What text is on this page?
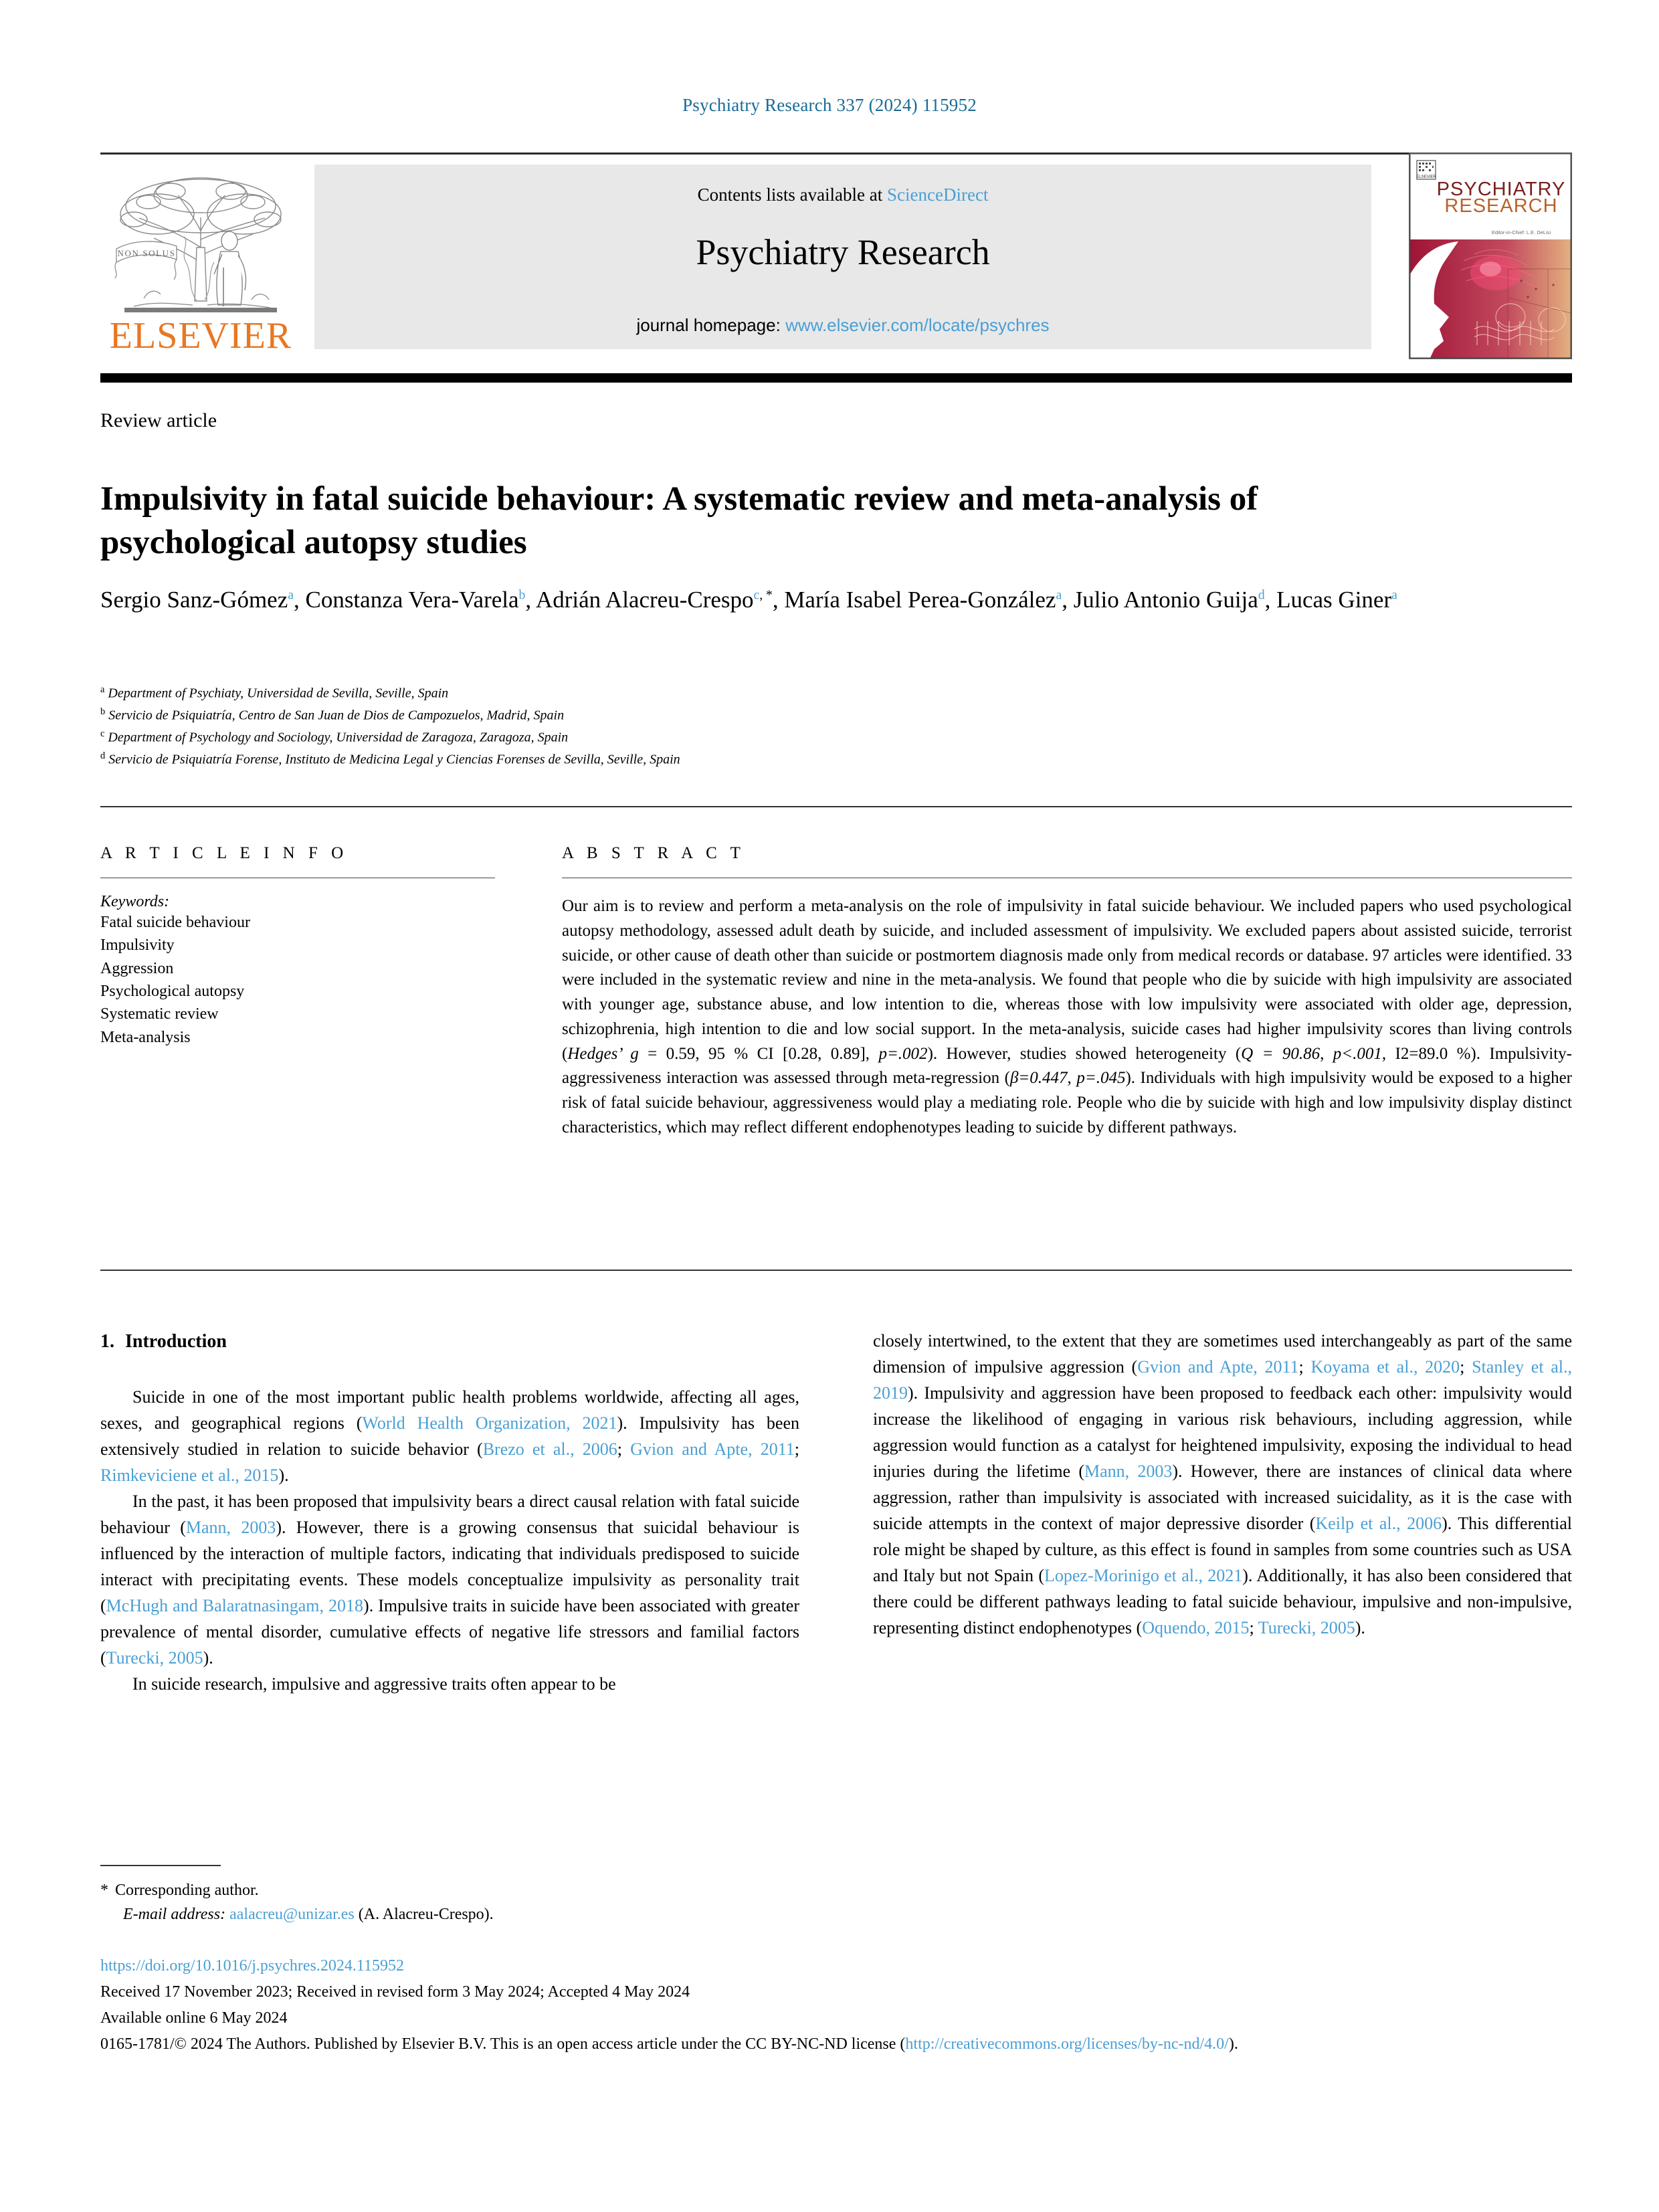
Psychiatry Research 337 (2024) 115952
NON SOLUS
ELSEVIER
Contents lists available at ScienceDirect
Psychiatry Research
journal homepage: www.elsevier.com/locate/psychres
ELSEVIER
PSYCHIATRY
RESEARCH
Editor-in-Chief: L.E. DeLisi
Review article
Impulsivity in fatal suicide behaviour: A systematic review and meta-analysis of psychological autopsy studies
Sergio Sanz-Gómez$^a$, Constanza Vera-Varela$^b$, Adrián Alacreu-Crespo$^{c, *}$, María Isabel Perea-González$^a$, Julio Antonio Guija$^d$, Lucas Giner$^a$
$^a$ Department of Psychiaty, Universidad de Sevilla, Seville, Spain
$^b$ Servicio de Psiquiatría, Centro de San Juan de Dios de Campozuelos, Madrid, Spain
$^c$ Department of Psychology and Sociology, Universidad de Zaragoza, Zaragoza, Spain
$^d$ Servicio de Psiquiatría Forense, Instituto de Medicina Legal y Ciencias Forenses de Sevilla, Seville, Spain
A R T I C L E I N F O
Keywords:
Fatal suicide behaviour
Impulsivity
Aggression
Psychological autopsy
Systematic review
Meta-analysis
A B S T R A C T
Our aim is to review and perform a meta-analysis on the role of impulsivity in fatal suicide behaviour. We included papers who used psychological autopsy methodology, assessed adult death by suicide, and included assessment of impulsivity. We excluded papers about assisted suicide, terrorist suicide, or other cause of death other than suicide or postmortem diagnosis made only from medical records or database. 97 articles were identified. 33 were included in the systematic review and nine in the meta-analysis. We found that people who die by suicide with high impulsivity are associated with younger age, substance abuse, and low intention to die, whereas those with low impulsivity were associated with older age, depression, schizophrenia, high intention to die and low social support. In the meta-analysis, suicide cases had higher impulsivity scores than living controls (Hedges’ g = 0.59, 95 % CI [0.28, 0.89], p=.002). However, studies showed heterogeneity (Q = 90.86, p<.001, I2=89.0 %). Impulsivity-aggressiveness interaction was assessed through meta-regression (β=0.447, p=.045). Individuals with high impulsivity would be exposed to a higher risk of fatal suicide behaviour, aggressiveness would play a mediating role. People who die by suicide with high and low impulsivity display distinct characteristics, which may reflect different endophenotypes leading to suicide by different pathways.
1. Introduction

Suicide in one of the most important public health problems worldwide, affecting all ages, sexes, and geographical regions (World Health Organization, 2021). Impulsivity has been extensively studied in relation to suicide behavior (Brezo et al., 2006; Gvion and Apte, 2011; Rimkeviciene et al., 2015).

In the past, it has been proposed that impulsivity bears a direct causal relation with fatal suicide behaviour (Mann, 2003). However, there is a growing consensus that suicidal behaviour is influenced by the interaction of multiple factors, indicating that individuals predisposed to suicide interact with precipitating events. These models conceptualize impulsivity as personality trait (McHugh and Balaratnasingam, 2018). Impulsive traits in suicide have been associated with greater prevalence of mental disorder, cumulative effects of negative life stressors and familial factors (Turecki, 2005).

In suicide research, impulsive and aggressive traits often appear to be

closely intertwined, to the extent that they are sometimes used interchangeably as part of the same dimension of impulsive aggression (Gvion and Apte, 2011; Koyama et al., 2020; Stanley et al., 2019). Impulsivity and aggression have been proposed to feedback each other: impulsivity would increase the likelihood of engaging in various risk behaviours, including aggression, while aggression would function as a catalyst for heightened impulsivity, exposing the individual to head injuries during the lifetime (Mann, 2003). However, there are instances of clinical data where aggression, rather than impulsivity is associated with increased suicidality, as it is the case with suicide attempts in the context of major depressive disorder (Keilp et al., 2006). This differential role might be shaped by culture, as this effect is found in samples from some countries such as USA and Italy but not Spain (Lopez-Morinigo et al., 2021). Additionally, it has also been considered that there could be different pathways leading to fatal suicide behaviour, impulsive and non-impulsive, representing distinct endophenotypes (Oquendo, 2015; Turecki, 2005).

* Corresponding author.
E-mail address: aalacreu@unizar.es (A. Alacreu-Crespo).
https://doi.org/10.1016/j.psychres.2024.115952
Received 17 November 2023; Received in revised form 3 May 2024; Accepted 4 May 2024
Available online 6 May 2024
0165-1781/© 2024 The Authors. Published by Elsevier B.V. This is an open access article under the CC BY-NC-ND license (http://creativecommons.org/licenses/by-nc-nd/4.0/).
